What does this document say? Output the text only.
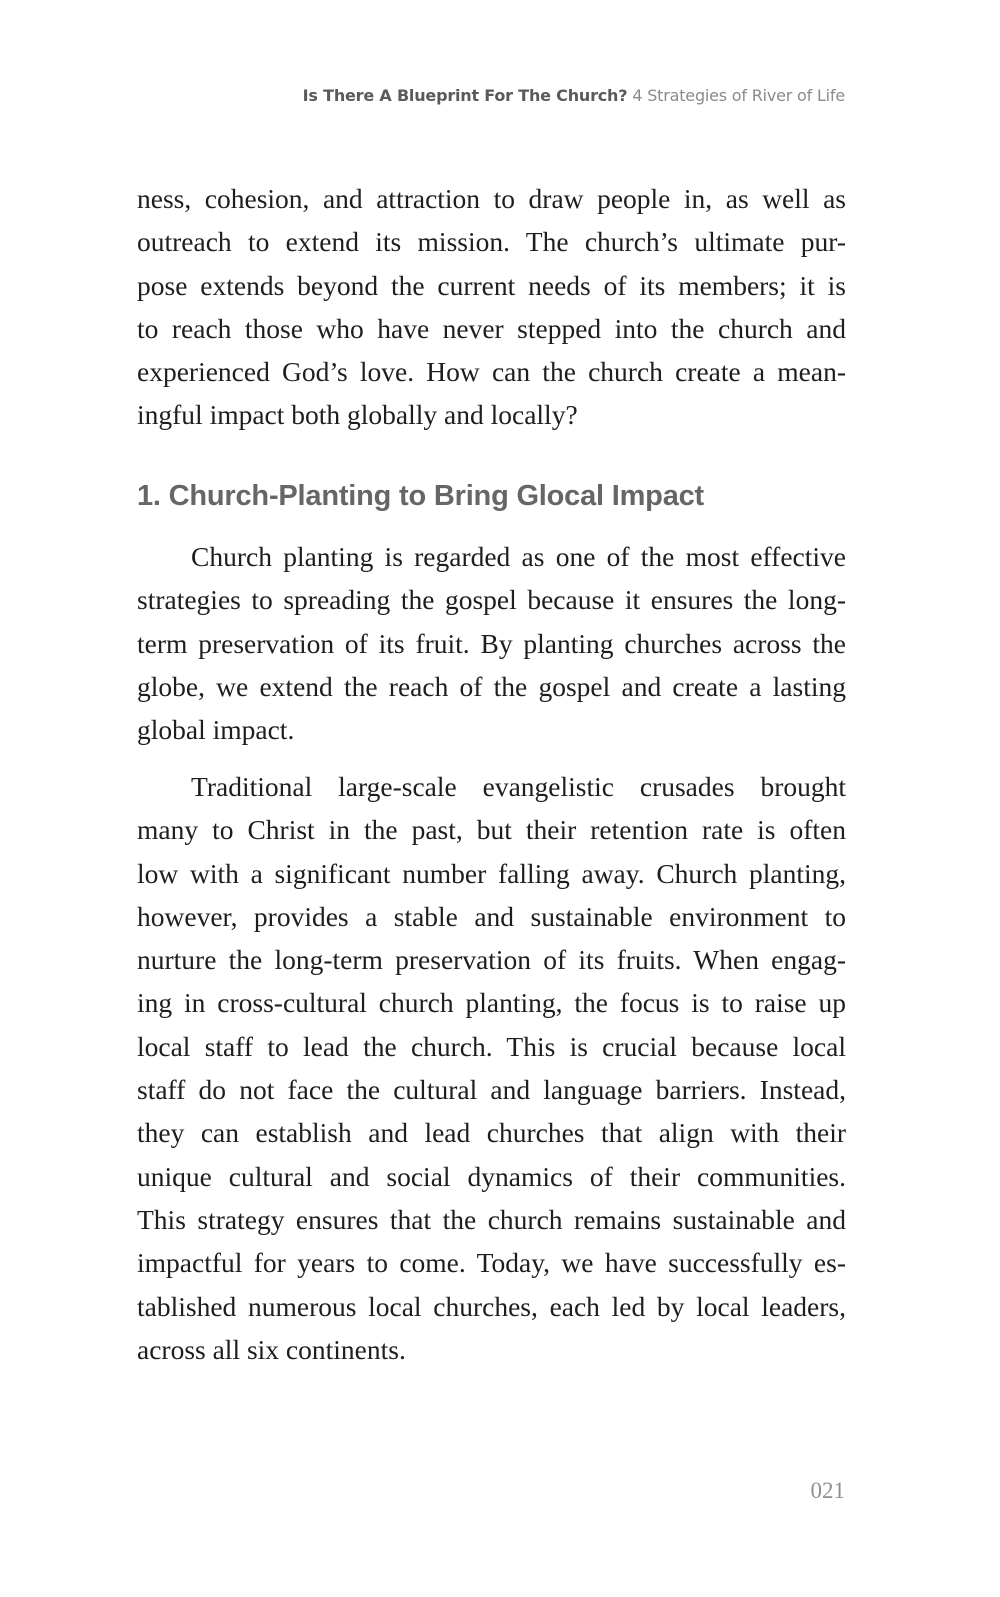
Is There A Blueprint For The Church? 4 Strategies of River of Life
ness, cohesion, and attraction to draw people in, as well as
outreach to extend its mission. The church’s ultimate pur-
pose extends beyond the current needs of its members; it is
to reach those who have never stepped into the church and
experienced God’s love. How can the church create a mean-
ingful impact both globally and locally?
1. Church-Planting to Bring Glocal Impact
Church planting is regarded as one of the most effective
strategies to spreading the gospel because it ensures the long-
term preservation of its fruit. By planting churches across the
globe, we extend the reach of the gospel and create a lasting
global impact.
Traditional large-scale evangelistic crusades brought
many to Christ in the past, but their retention rate is often
low with a significant number falling away. Church planting,
however, provides a stable and sustainable environment to
nurture the long-term preservation of its fruits. When engag-
ing in cross-cultural church planting, the focus is to raise up
local staff to lead the church. This is crucial because local
staff do not face the cultural and language barriers. Instead,
they can establish and lead churches that align with their
unique cultural and social dynamics of their communities.
This strategy ensures that the church remains sustainable and
impactful for years to come. Today, we have successfully es-
tablished numerous local churches, each led by local leaders,
across all six continents.
021
